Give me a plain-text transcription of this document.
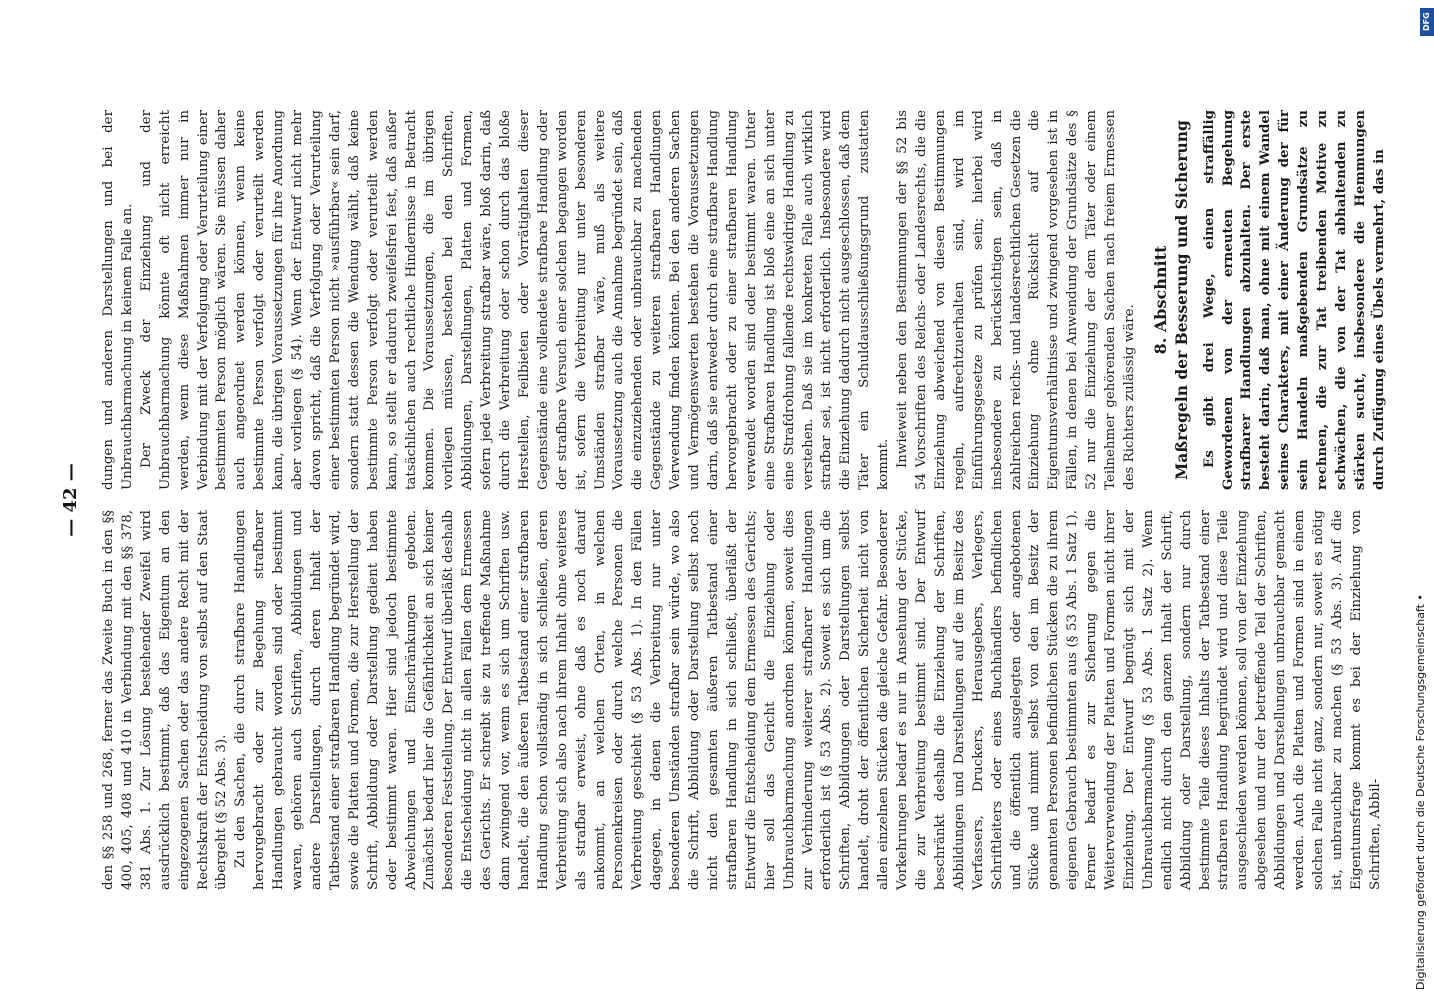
— 42 —

den §§ 258 und 268, ferner das Zweite Buch in den §§ 400, 405, 408 und 410 in Verbindung mit den §§ 378, 381 Abs. 1. Zur Lösung bestehender Zweifel wird ausdrücklich bestimmt, daß das Eigentum an den eingezogenen Sachen oder das andere Recht mit der Rechtskraft der Entscheidung von selbst auf den Staat übergeht (§ 52 Abs. 3). Zu den Sachen, die durch strafbare Handlungen hervorgebracht oder zur Begehung strafbarer Handlungen gebraucht worden sind oder bestimmt waren, gehören auch Schriften, Abbildungen und andere Darstellungen, durch deren Inhalt der Tatbestand einer strafbaren Handlung begründet wird, sowie die Platten und Formen, die zur Herstellung der Schrift, Abbildung oder Darstellung gedient haben oder bestimmt waren. Hier sind jedoch bestimmte Abweichungen und Einschränkungen geboten. Zunächst bedarf hier die Gefährlichkeit an sich keiner besonderen Feststellung. Der Entwurf überläßt deshalb die Entscheidung nicht in allen Fällen dem Ermessen des Gerichts. Er schreibt sie zu treffende Maßnahme dann zwingend vor, wenn es sich um Schriften usw. handelt, die den äußeren Tatbestand einer strafbaren Handlung schon vollständig in sich schließen, deren Verbreitung sich also nach ihrem Inhalt ohne weiteres als strafbar erweist, ohne daß es noch darauf ankommt, an welchen Orten, in welchen Personenkreisen oder durch welche Personen die Verbreitung geschieht (§ 53 Abs. 1). In den Fällen dagegen, in denen die Verbreitung nur unter besonderen Umständen strafbar sein würde, wo also die Schrift, Abbildung oder Darstellung selbst noch nicht den gesamten äußeren Tatbestand einer strafbaren Handlung in sich schließt, überläßt der Entwurf die Entscheidung dem Ermessen des Gerichts; hier soll das Gericht die Einziehung oder Unbrauchbarmachung anordnen können, soweit dies zur Verhinderung weiterer strafbarer Handlungen erforderlich ist (§ 53 Abs. 2). Soweit es sich um die Schriften, Abbildungen oder Darstellungen selbst handelt, droht der öffentlichen Sicherheit nicht von allen einzelnen Stücken die gleiche Gefahr. Besonderer Vorkehrungen bedarf es nur in Ansehung der Stücke, die zur Verbreitung bestimmt sind. Der Entwurf beschränkt deshalb die Einziehung der Schriften, Abbildungen und Darstellungen auf die im Besitz des Verfassers, Druckers, Herausgebers, Verlegers, Schriftleiters oder eines Buchhändlers befindlichen und die öffentlich ausgelegten oder angebotenen Stücke und nimmt selbst von den im Besitz der genannten Personen befindlichen Stücken die zu ihrem eigenen Gebrauch bestimmten aus (§ 53 Abs. 1 Satz 1). Ferner bedarf es zur Sicherung gegen die Weiterverwendung der Platten und Formen nicht ihrer Einziehung. Der Entwurf begnügt sich mit der Unbrauchbarmachung (§ 53 Abs. 1 Satz 2). Wenn endlich nicht durch den ganzen Inhalt der Schrift, Abbildung oder Darstellung, sondern nur durch bestimmte Teile dieses Inhalts der Tatbestand einer strafbaren Handlung begründet wird und diese Teile ausgeschieden werden können, soll von der Einziehung abgesehen und nur der betreffende Teil der Schriften, Abbildungen und Darstellungen unbrauchbar gemacht werden. Auch die Platten und Formen sind in einem solchen Falle nicht ganz, sondern nur, soweit es nötig ist, unbrauchbar zu machen (§ 53 Abs. 3). Auf die Eigentumsfrage kommt es bei der Einziehung von Schriften, Abbil-

dungen und anderen Darstellungen und bei der Unbrauchbarmachung in keinem Falle an. Der Zweck der Einziehung und der Unbrauchbarmachung könnte oft nicht erreicht werden, wenn diese Maßnahmen immer nur in Verbindung mit der Verfolgung oder Verurteilung einer bestimmten Person möglich wären. Sie müssen daher auch angeordnet werden können, wenn keine bestimmte Person verfolgt oder verurteilt werden kann, die übrigen Voraussetzungen für ihre Anordnung aber vorliegen (§ 54). Wenn der Entwurf nicht mehr davon spricht, daß die Verfolgung oder Verurteilung einer bestimmten Person nicht »ausführbar« sein darf, sondern statt dessen die Wendung wählt, daß keine bestimmte Person verfolgt oder verurteilt werden kann, so stellt er dadurch zweifelsfrei fest, daß außer tatsächlichen auch rechtliche Hindernisse in Betracht kommen. Die Voraussetzungen, die im übrigen vorliegen müssen, bestehen bei den Schriften, Abbildungen, Darstellungen, Platten und Formen, sofern jede Verbreitung strafbar wäre, bloß darin, daß durch die Verbreitung oder schon durch das bloße Herstellen, Feilbieten oder Vorrätighalten dieser Gegenstände eine vollendete strafbare Handlung oder der strafbare Versuch einer solchen begangen worden ist, sofern die Verbreitung nur unter besonderen Umständen strafbar wäre, muß als weitere Voraussetzung auch die Annahme begründet sein, daß die einzuziehenden oder unbrauchbar zu machenden Gegenstände zu weiteren strafbaren Handlungen Verwendung finden könnten. Bei den anderen Sachen und Vermögenswerten bestehen die Voraussetzungen darin, daß sie entweder durch eine strafbare Handlung hervorgebracht oder zu einer strafbaren Handlung verwendet worden sind oder bestimmt waren. Unter eine Strafbaren Handlung ist bloß eine an sich unter eine Strafdrohung fallende rechtswidrige Handlung zu verstehen. Daß sie im konkreten Falle auch wirklich strafbar sei, ist nicht erforderlich. Insbesondere wird die Einziehung dadurch nicht ausgeschlossen, daß dem Täter ein Schuldausschließungsgrund zustatten kommt. Inwieweit neben den Bestimmungen der §§ 52 bis 54 Vorschriften des Reichs- oder Landesrechts, die die Einziehung abweichend von diesen Bestimmungen regeln, aufrechtzuerhalten sind, wird im Einführungsgesetze zu prüfen sein; hierbei wird insbesondere zu berücksichtigen sein, daß in zahlreichen reichs- und landesrechtlichen Gesetzen die Einziehung ohne Rücksicht auf die Eigentumsverhältnisse und zwingend vorgesehen ist in Fällen, in denen bei Anwendung der Grundsätze des § 52 nur die Einziehung der dem Täter oder einem Teilnehmer gehörenden Sachen nach freiem Ermessen des Richters zulässig wäre.

8. Abschnitt Maßregeln der Besserung und Sicherung Es gibt drei Wege, einen straffällig Gewordenen von der erneuten Begehung strafbarer Handlungen abzuhalten. Der erste besteht darin, daß man, ohne mit einem Wandel seines Charakters, mit einer Änderung der für sein Handeln maßgebenden Grundsätze zu rechnen, die zur Tat treibenden Motive zu schwächen, die von der Tat abhaltenden zu stärken sucht, insbesondere die Hemmungen durch Zufügung eines Übels vermehrt, das in

Digitalisierung gefördert durch die Deutsche Forschungsgemeinschaft •
DFG
